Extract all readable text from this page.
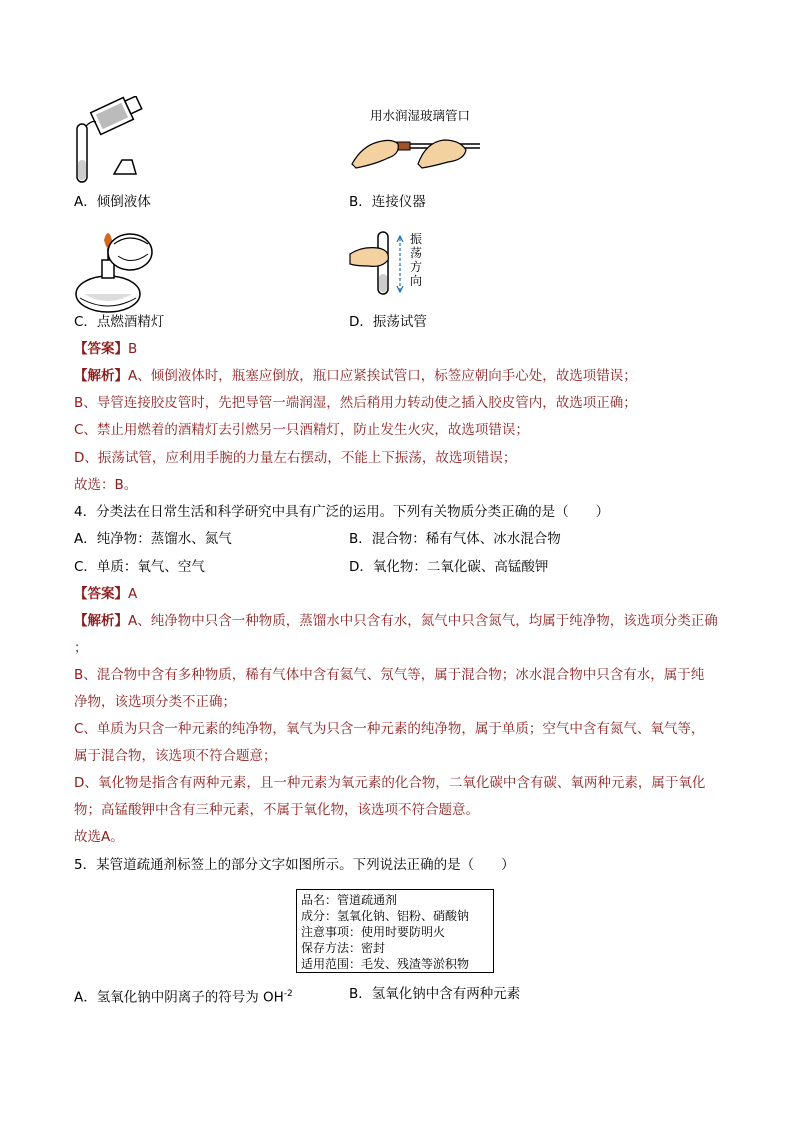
用水润湿玻璃管口
振荡方向
A．倾倒液体	B．连接仪器
C．点燃酒精灯	D．振荡试管
【答案】B
【解析】A、倾倒液体时，瓶塞应倒放，瓶口应紧挨试管口，标签应朝向手心处，故选项错误；
B、导管连接胶皮管时，先把导管一端润湿，然后稍用力转动使之插入胶皮管内，故选项正确；
C、禁止用燃着的酒精灯去引燃另一只酒精灯，防止发生火灾，故选项错误；
D、振荡试管，应利用手腕的力量左右摆动，不能上下振荡，故选项错误；
故选：B。
4．分类法在日常生活和科学研究中具有广泛的运用。下列有关物质分类正确的是（　　）
A．纯净物：蒸馏水、氮气	B．混合物：稀有气体、冰水混合物
C．单质：氧气、空气	D．氧化物：二氧化碳、高锰酸钾
【答案】A
【解析】A、纯净物中只含一种物质，蒸馏水中只含有水，氮气中只含氮气，均属于纯净物，该选项分类正确
；
B、混合物中含有多种物质，稀有气体中含有氦气、氖气等，属于混合物；冰水混合物中只含有水，属于纯
净物，该选项分类不正确；
C、单质为只含一种元素的纯净物，氧气为只含一种元素的纯净物，属于单质；空气中含有氮气、氧气等，
属于混合物，该选项不符合题意；
D、氧化物是指含有两种元素，且一种元素为氧元素的化合物，二氧化碳中含有碳、氧两种元素，属于氧化
物；高锰酸钾中含有三种元素，不属于氧化物，该选项不符合题意。
故选A。
5．某管道疏通剂标签上的部分文字如图所示。下列说法正确的是（　　）
品名：管道疏通剂
成分：氢氧化钠、铝粉、硝酸钠
注意事项：使用时要防明火
保存方法：密封
适用范围：毛发、残渣等淤积物
A．氢氧化钠中阴离子的符号为 $OH^{-2}$	B．氢氧化钠中含有两种元素
